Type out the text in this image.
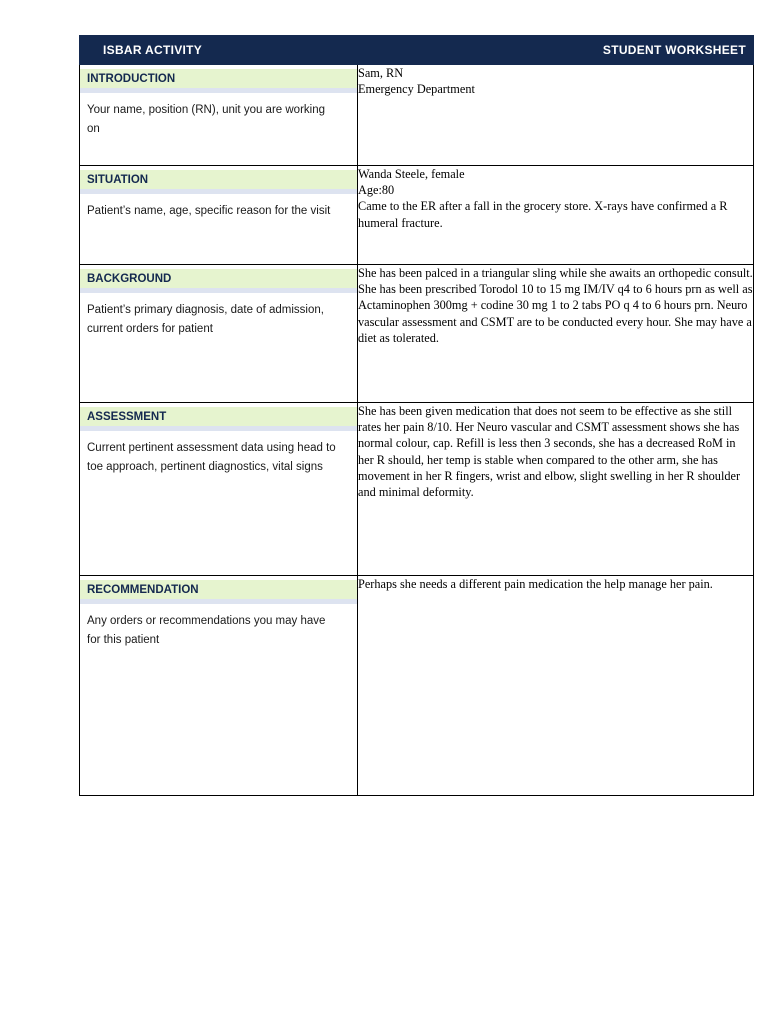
ISBAR ACTIVITY	STUDENT WORKSHEET
INTRODUCTION
Your name, position (RN), unit you are working on
Sam, RN
Emergency Department
SITUATION
Patient’s name, age, specific reason for the visit
Wanda Steele, female
Age:80
Came to the ER after a fall in the grocery store. X-rays have confirmed a R humeral fracture.
BACKGROUND
Patient’s primary diagnosis, date of admission, current orders for patient
She has been palced in a triangular sling while she awaits an orthopedic consult. She has been prescribed Torodol 10 to 15 mg IM/IV q4 to 6 hours prn as well as Actaminophen 300mg + codine 30 mg 1 to 2 tabs PO q 4 to 6 hours prn. Neuro vascular assessment and CSMT are to be conducted every hour. She may have a diet as tolerated.
ASSESSMENT
Current pertinent assessment data using head to toe approach, pertinent diagnostics, vital signs
She has been given medication that does not seem to be effective as she still rates her pain 8/10. Her Neuro vascular and CSMT assessment shows she has normal colour, cap. Refill is less then 3 seconds, she has a decreased RoM in her R should, her temp is stable when compared to the other arm, she has movement in her R fingers, wrist and elbow, slight swelling in her R shoulder and minimal deformity.
RECOMMENDATION
Any orders or recommendations you may have for this patient
Perhaps she needs a different pain medication the help manage her pain.
